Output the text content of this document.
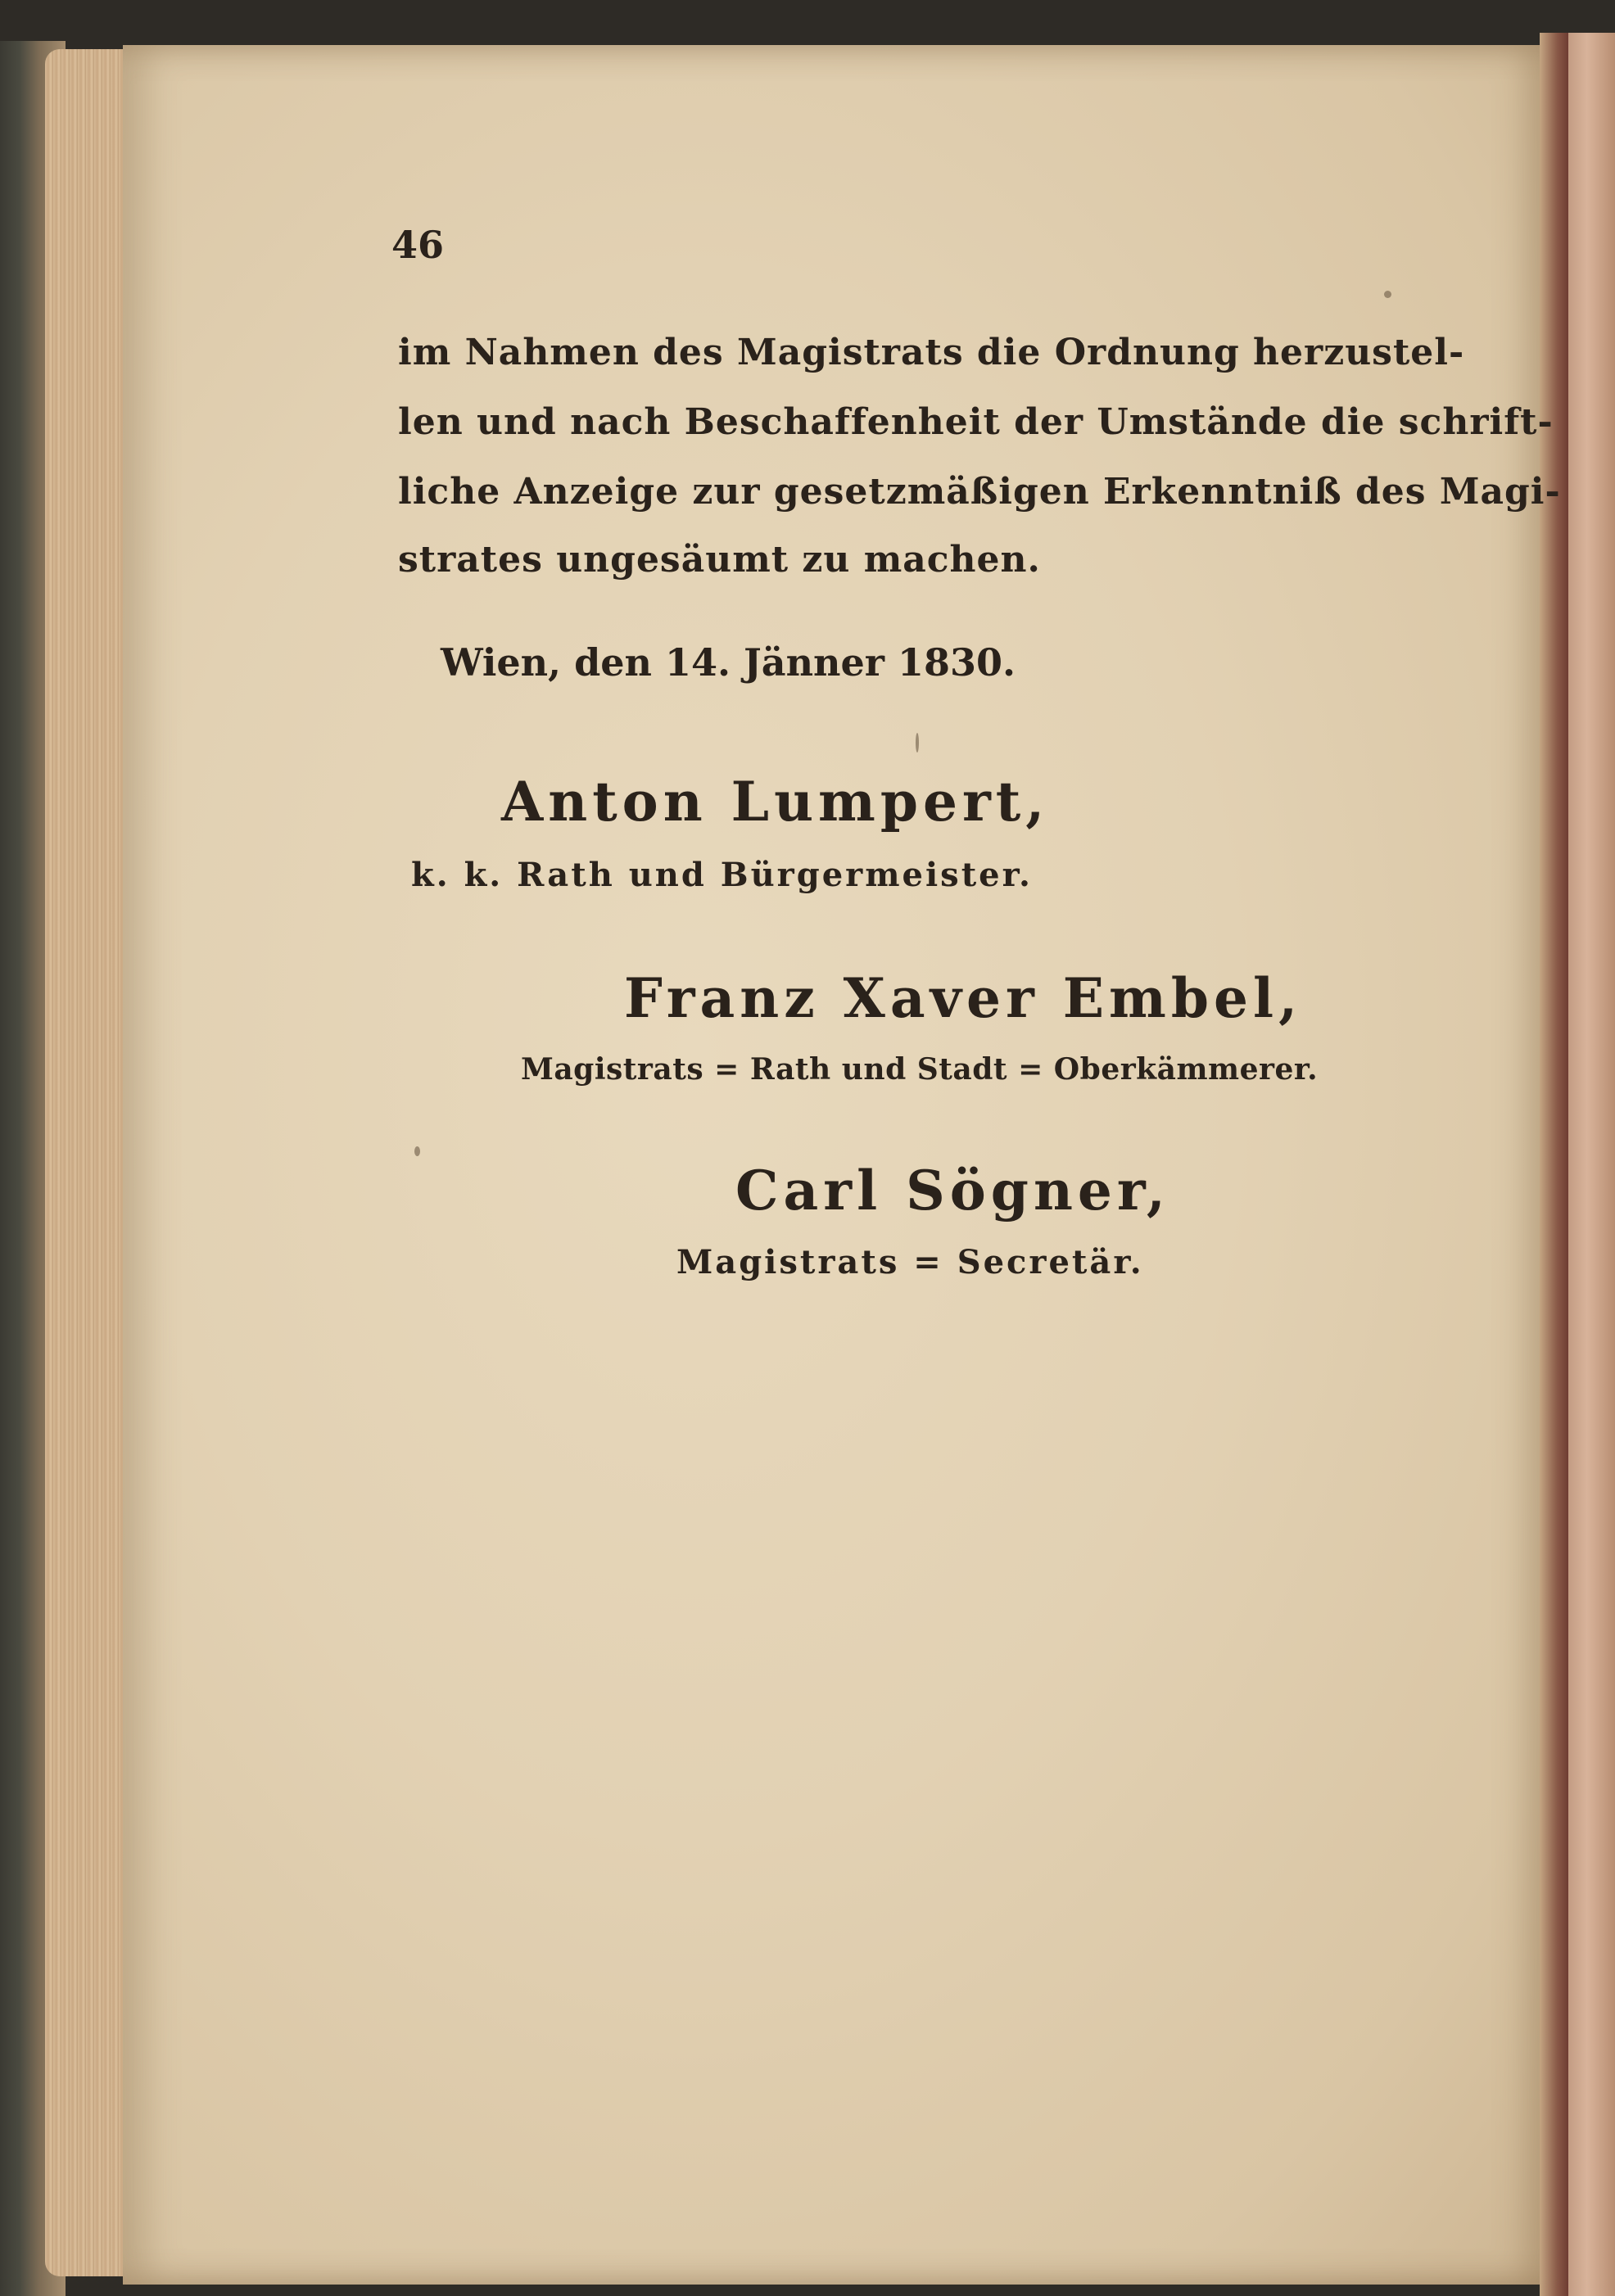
46
im Nahmen des Magistrats die Ordnung herzustel-
len und nach Beschaffenheit der Umstände die schrift-
liche Anzeige zur gesetzmäßigen Erkenntniß des Magi-
strates ungesäumt zu machen.
Wien, den 14. Jänner 1830.
Anton Lumpert,
k. k. Rath und Bürgermeister.
Franz Xaver Embel,
Magistrats = Rath und Stadt = Oberkämmerer.
Carl Sögner,
Magistrats = Secretär.
